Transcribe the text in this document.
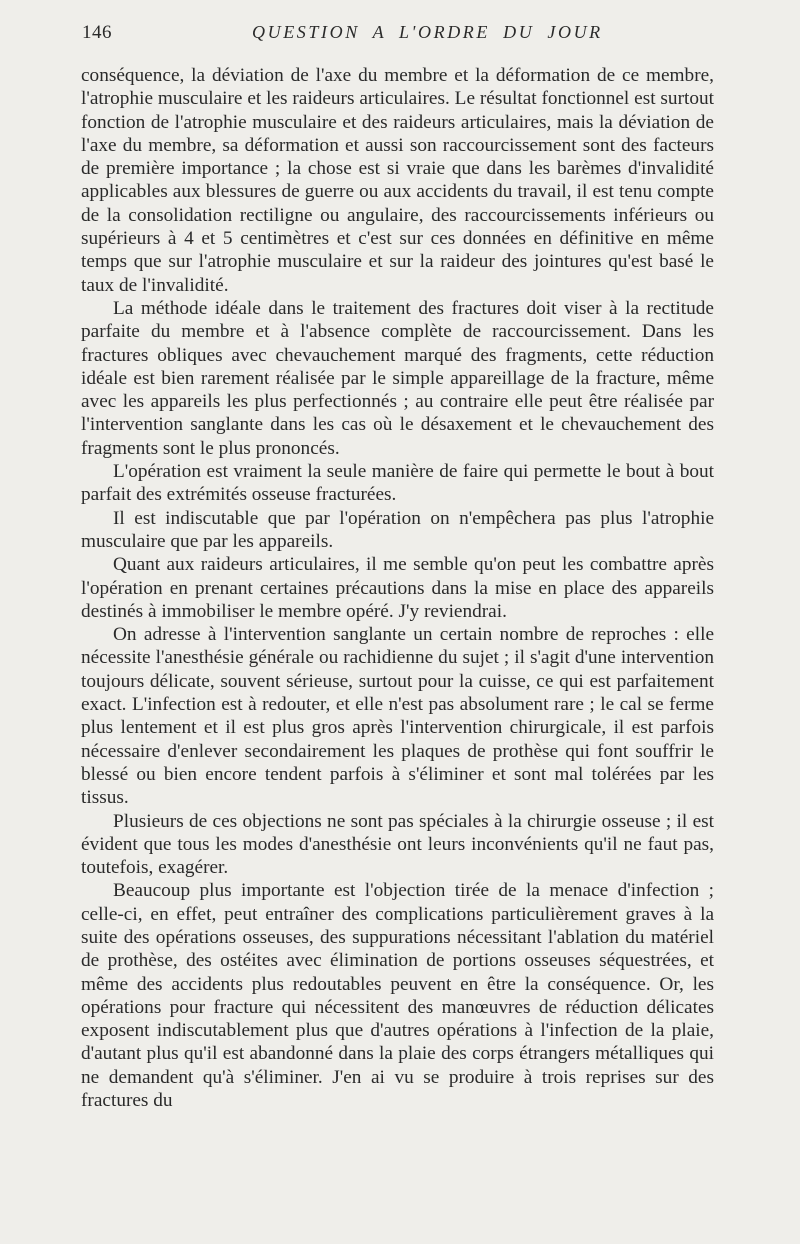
146	QUESTION A L'ORDRE DU JOUR

conséquence, la déviation de l'axe du membre et la déformation de ce membre, l'atrophie musculaire et les raideurs articulaires. Le résultat fonctionnel est surtout fonction de l'atrophie musculaire et des raideurs articulaires, mais la déviation de l'axe du membre, sa déformation et aussi son raccourcissement sont des facteurs de première importance ; la chose est si vraie que dans les barèmes d'invalidité applicables aux blessures de guerre ou aux accidents du travail, il est tenu compte de la consolidation rectiligne ou angulaire, des raccourcissements inférieurs ou supérieurs à 4 et 5 centimètres et c'est sur ces données en définitive en même temps que sur l'atrophie musculaire et sur la raideur des jointures qu'est basé le taux de l'invalidité.

La méthode idéale dans le traitement des fractures doit viser à la rectitude parfaite du membre et à l'absence complète de raccourcissement. Dans les fractures obliques avec chevauchement marqué des fragments, cette réduction idéale est bien rarement réalisée par le simple appareillage de la fracture, même avec les appareils les plus perfectionnés ; au contraire elle peut être réalisée par l'intervention sanglante dans les cas où le désaxement et le chevauchement des fragments sont le plus prononcés.

L'opération est vraiment la seule manière de faire qui permette le bout à bout parfait des extrémités osseuse fracturées.

Il est indiscutable que par l'opération on n'empêchera pas plus l'atrophie musculaire que par les appareils.

Quant aux raideurs articulaires, il me semble qu'on peut les combattre après l'opération en prenant certaines précautions dans la mise en place des appareils destinés à immobiliser le membre opéré. J'y reviendrai.

On adresse à l'intervention sanglante un certain nombre de reproches : elle nécessite l'anesthésie générale ou rachidienne du sujet ; il s'agit d'une intervention toujours délicate, souvent sérieuse, surtout pour la cuisse, ce qui est parfaitement exact. L'infection est à redouter, et elle n'est pas absolument rare ; le cal se ferme plus lentement et il est plus gros après l'intervention chirurgicale, il est parfois nécessaire d'enlever secondairement les plaques de prothèse qui font souffrir le blessé ou bien encore tendent parfois à s'éliminer et sont mal tolérées par les tissus.

Plusieurs de ces objections ne sont pas spéciales à la chirurgie osseuse ; il est évident que tous les modes d'anesthésie ont leurs inconvénients qu'il ne faut pas, toutefois, exagérer.

Beaucoup plus importante est l'objection tirée de la menace d'infection ; celle-ci, en effet, peut entraîner des complications particulièrement graves à la suite des opérations osseuses, des suppurations nécessitant l'ablation du matériel de prothèse, des ostéites avec élimination de portions osseuses séquestrées, et même des accidents plus redoutables peuvent en être la conséquence. Or, les opérations pour fracture qui nécessitent des manœuvres de réduction délicates exposent indiscutablement plus que d'autres opérations à l'infection de la plaie, d'autant plus qu'il est abandonné dans la plaie des corps étrangers métalliques qui ne demandent qu'à s'éliminer. J'en ai vu se produire à trois reprises sur des fractures du
